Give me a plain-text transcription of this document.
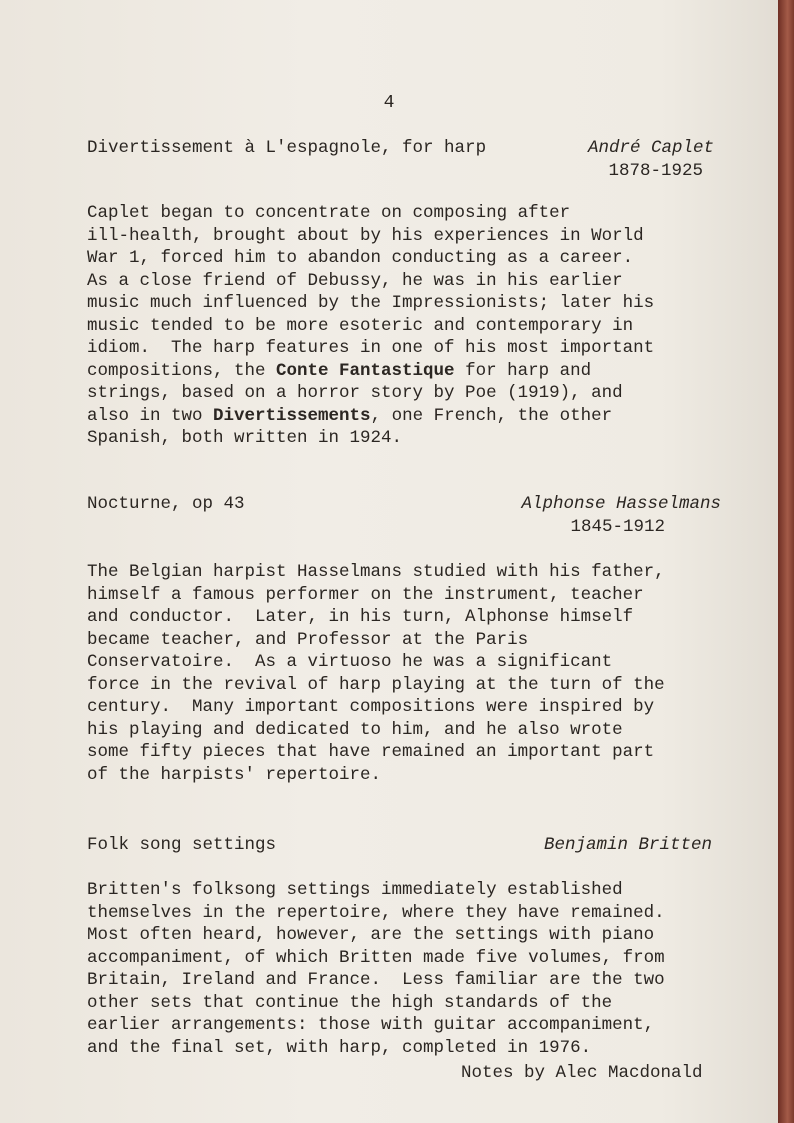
4
Divertissement à L'espagnole, for harp	André Caplet
1878-1925
Caplet began to concentrate on composing after
ill-health, brought about by his experiences in World
War 1, forced him to abandon conducting as a career.
As a close friend of Debussy, he was in his earlier
music much influenced by the Impressionists; later his
music tended to be more esoteric and contemporary in
idiom.  The harp features in one of his most important
compositions, the Conte Fantastique for harp and
strings, based on a horror story by Poe (1919), and
also in two Divertissements, one French, the other
Spanish, both written in 1924.
Nocturne, op 43	Alphonse Hasselmans
1845-1912
The Belgian harpist Hasselmans studied with his father,
himself a famous performer on the instrument, teacher
and conductor.  Later, in his turn, Alphonse himself
became teacher, and Professor at the Paris
Conservatoire.  As a virtuoso he was a significant
force in the revival of harp playing at the turn of the
century.  Many important compositions were inspired by
his playing and dedicated to him, and he also wrote
some fifty pieces that have remained an important part
of the harpists' repertoire.
Folk song settings	Benjamin Britten
Britten's folksong settings immediately established
themselves in the repertoire, where they have remained.
Most often heard, however, are the settings with piano
accompaniment, of which Britten made five volumes, from
Britain, Ireland and France.  Less familiar are the two
other sets that continue the high standards of the
earlier arrangements: those with guitar accompaniment,
and the final set, with harp, completed in 1976.
Notes by Alec Macdonald
